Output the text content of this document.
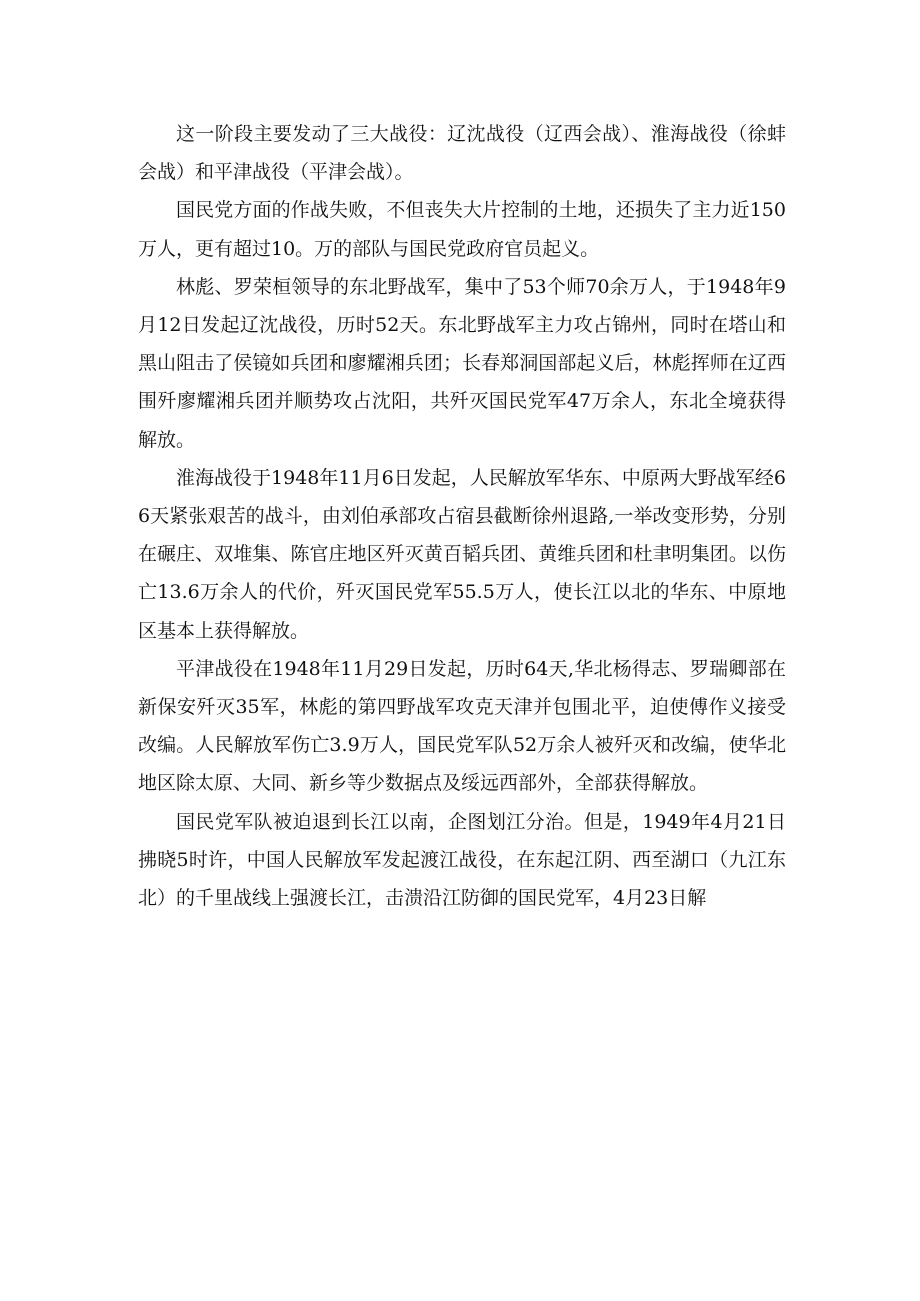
这一阶段主要发动了三大战役：辽沈战役（辽西会战）、淮海战役（徐蚌会战）和平津战役（平津会战）。

国民党方面的作战失败，不但丧失大片控制的土地，还损失了主力近150万人，更有超过10。万的部队与国民党政府官员起义。

林彪、罗荣桓领导的东北野战军，集中了53个师70余万人，于1948年9月12日发起辽沈战役，历时52天。东北野战军主力攻占锦州，同时在塔山和黑山阻击了侯镜如兵团和廖耀湘兵团；长春郑洞国部起义后，林彪挥师在辽西围歼廖耀湘兵团并顺势攻占沈阳，共歼灭国民党军47万余人，东北全境获得解放。

淮海战役于1948年11月6日发起，人民解放军华东、中原两大野战军经66天紧张艰苦的战斗，由刘伯承部攻占宿县截断徐州退路,一举改变形势，分别在碾庄、双堆集、陈官庄地区歼灭黄百韬兵团、黄维兵团和杜聿明集团。以伤亡13.6万余人的代价，歼灭国民党军55.5万人，使长江以北的华东、中原地区基本上获得解放。

平津战役在1948年11月29日发起，历时64天,华北杨得志、罗瑞卿部在新保安歼灭35军，林彪的第四野战军攻克天津并包围北平，迫使傅作义接受改编。人民解放军伤亡3.9万人，国民党军队52万余人被歼灭和改编，使华北地区除太原、大同、新乡等少数据点及绥远西部外，全部获得解放。

国民党军队被迫退到长江以南，企图划江分治。但是，1949年4月21日拂晓5时许，中国人民解放军发起渡江战役，在东起江阴、西至湖口（九江东北）的千里战线上强渡长江，击溃沿江防御的国民党军，4月23日解
